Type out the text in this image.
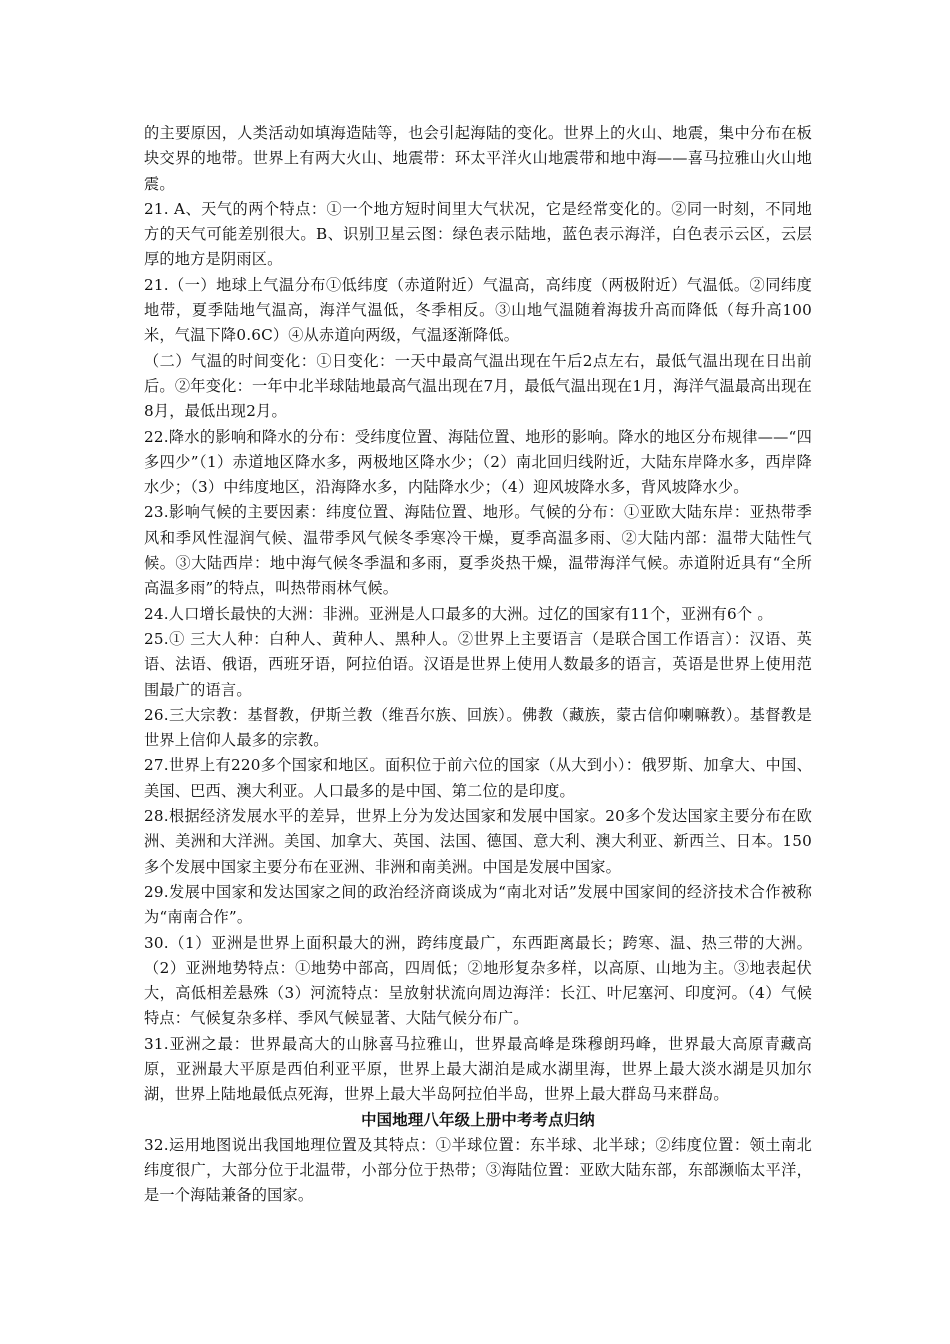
的主要原因，人类活动如填海造陆等，也会引起海陆的变化。世界上的火山、地震，集中分布在板块交界的地带。世界上有两大火山、地震带：环太平洋火山地震带和地中海——喜马拉雅山火山地震。

21. A、天气的两个特点：①一个地方短时间里大气状况，它是经常变化的。②同一时刻，不同地方的天气可能差别很大。B、识别卫星云图：绿色表示陆地，蓝色表示海洋，白色表示云区，云层厚的地方是阴雨区。

21.（一）地球上气温分布①低纬度（赤道附近）气温高，高纬度（两极附近）气温低。②同纬度地带，夏季陆地气温高，海洋气温低，冬季相反。③山地气温随着海拔升高而降低（每升高100米，气温下降0.6C）④从赤道向两级，气温逐渐降低。

（二）气温的时间变化：①日变化：一天中最高气温出现在午后2点左右，最低气温出现在日出前后。②年变化：一年中北半球陆地最高气温出现在7月，最低气温出现在1月，海洋气温最高出现在8月，最低出现2月。

22.降水的影响和降水的分布：受纬度位置、海陆位置、地形的影响。降水的地区分布规律——“四多四少”（1）赤道地区降水多，两极地区降水少；（2）南北回归线附近，大陆东岸降水多，西岸降水少；（3）中纬度地区，沿海降水多，内陆降水少；（4）迎风坡降水多，背风坡降水少。

23.影响气候的主要因素：纬度位置、海陆位置、地形。气候的分布：①亚欧大陆东岸：亚热带季风和季风性湿润气候、温带季风气候冬季寒冷干燥，夏季高温多雨、②大陆内部：温带大陆性气候。③大陆西岸：地中海气候冬季温和多雨，夏季炎热干燥，温带海洋气候。赤道附近具有“全所高温多雨”的特点，叫热带雨林气候。

24.人口增长最快的大洲：非洲。亚洲是人口最多的大洲。过亿的国家有11个，亚洲有6个 。

25.① 三大人种：白种人、黄种人、黑种人。②世界上主要语言（是联合国工作语言）：汉语、英语、法语、俄语，西班牙语，阿拉伯语。汉语是世界上使用人数最多的语言，英语是世界上使用范围最广的语言。

26.三大宗教：基督教，伊斯兰教（维吾尔族、回族）。佛教（藏族，蒙古信仰喇嘛教）。基督教是世界上信仰人最多的宗教。

27.世界上有220多个国家和地区。面积位于前六位的国家（从大到小）：俄罗斯、加拿大、中国、美国、巴西、澳大利亚。人口最多的是中国、第二位的是印度。

28.根据经济发展水平的差异，世界上分为发达国家和发展中国家。20多个发达国家主要分布在欧洲、美洲和大洋洲。美国、加拿大、英国、法国、德国、意大利、澳大利亚、新西兰、日本。150多个发展中国家主要分布在亚洲、非洲和南美洲。中国是发展中国家。

29.发展中国家和发达国家之间的政治经济商谈成为“南北对话”发展中国家间的经济技术合作被称为“南南合作”。

30.（1）亚洲是世界上面积最大的洲，跨纬度最广，东西距离最长；跨寒、温、热三带的大洲。（2）亚洲地势特点：①地势中部高，四周低；②地形复杂多样，以高原、山地为主。③地表起伏大，高低相差悬殊（3）河流特点：呈放射状流向周边海洋：长江、叶尼塞河、印度河。（4）气候特点：气候复杂多样、季风气候显著、大陆气候分布广。

31.亚洲之最：世界最高大的山脉喜马拉雅山，世界最高峰是珠穆朗玛峰，世界最大高原青藏高原，亚洲最大平原是西伯利亚平原，世界上最大湖泊是咸水湖里海，世界上最大淡水湖是贝加尔湖，世界上陆地最低点死海，世界上最大半岛阿拉伯半岛，世界上最大群岛马来群岛。

中国地理八年级上册中考考点归纳

32.运用地图说出我国地理位置及其特点：①半球位置：东半球、北半球；②纬度位置：领土南北纬度很广，大部分位于北温带，小部分位于热带；③海陆位置：亚欧大陆东部，东部濒临太平洋，是一个海陆兼备的国家。
